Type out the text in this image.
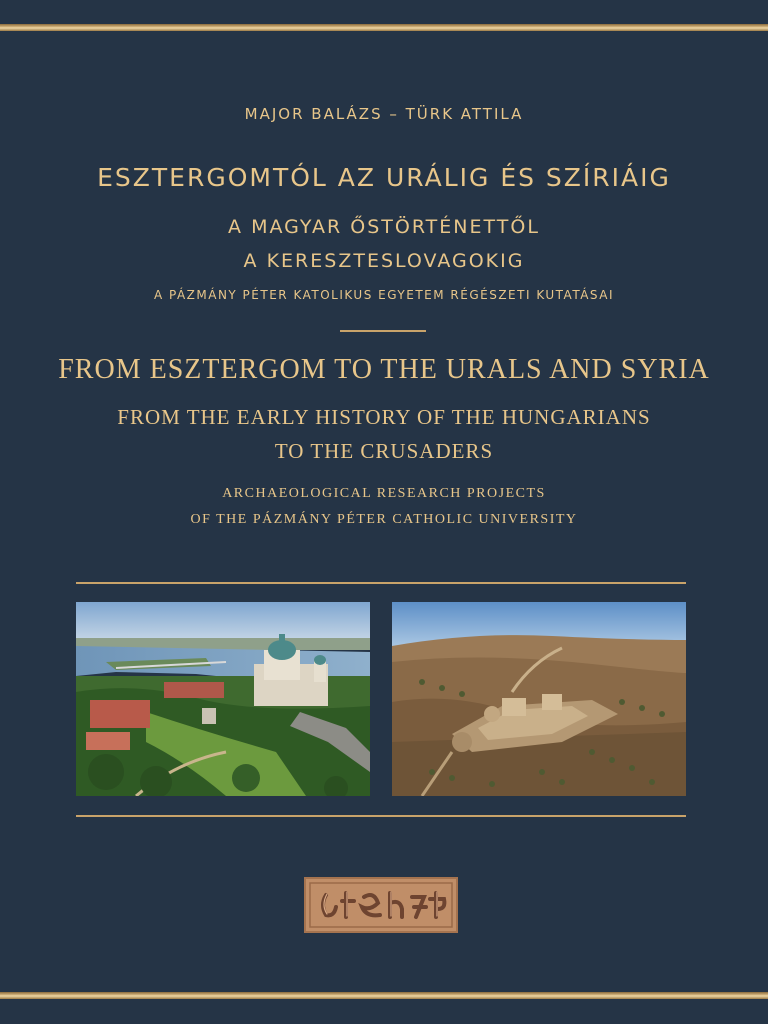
MAJOR BALÁZS – TÜRK ATTILA
ESZTERGOMTÓL AZ URÁLIG ÉS SZÍRIÁIG
A MAGYAR ŐSTÖRTÉNETTŐL
A KERESZTESLOVAGOKIG
A PÁZMÁNY PÉTER KATOLIKUS EGYETEM RÉGÉSZETI KUTATÁSAI
FROM ESZTERGOM TO THE URALS AND SYRIA
FROM THE EARLY HISTORY OF THE HUNGARIANS
TO THE CRUSADERS
ARCHAEOLOGICAL RESEARCH PROJECTS
OF THE PÁZMÁNY PÉTER CATHOLIC UNIVERSITY
